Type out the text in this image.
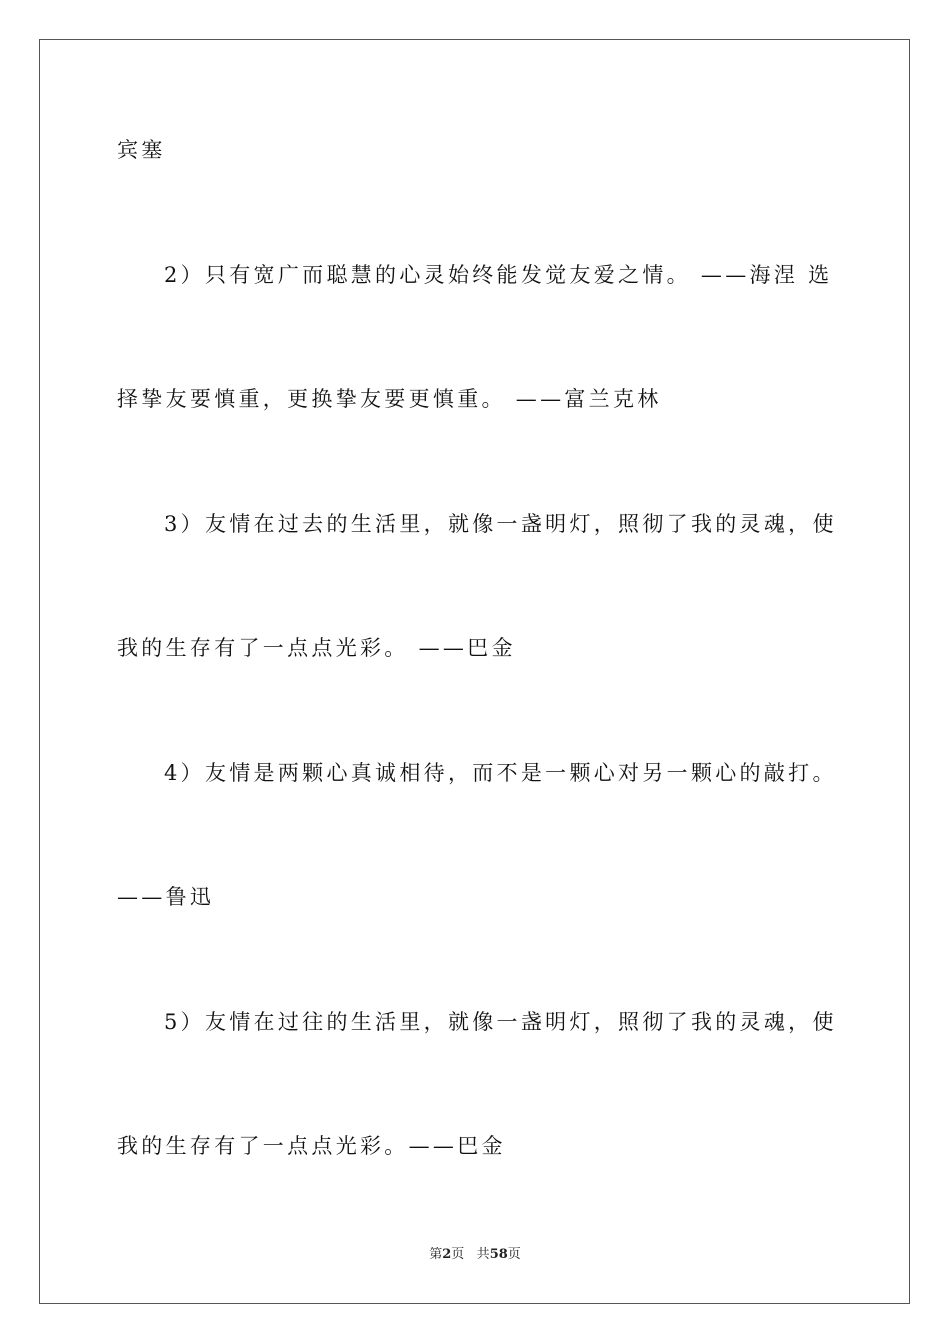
宾塞

2）只有宽广而聪慧的心灵始终能发觉友爱之情。 ——海涅 选

择挚友要慎重，更换挚友要更慎重。 ——富兰克林

3）友情在过去的生活里，就像一盏明灯，照彻了我的灵魂，使

我的生存有了一点点光彩。 ——巴金

4）友情是两颗心真诚相待，而不是一颗心对另一颗心的敲打。

——鲁迅

5）友情在过往的生活里，就像一盏明灯，照彻了我的灵魂，使

我的生存有了一点点光彩。——巴金

第2页 共58页
